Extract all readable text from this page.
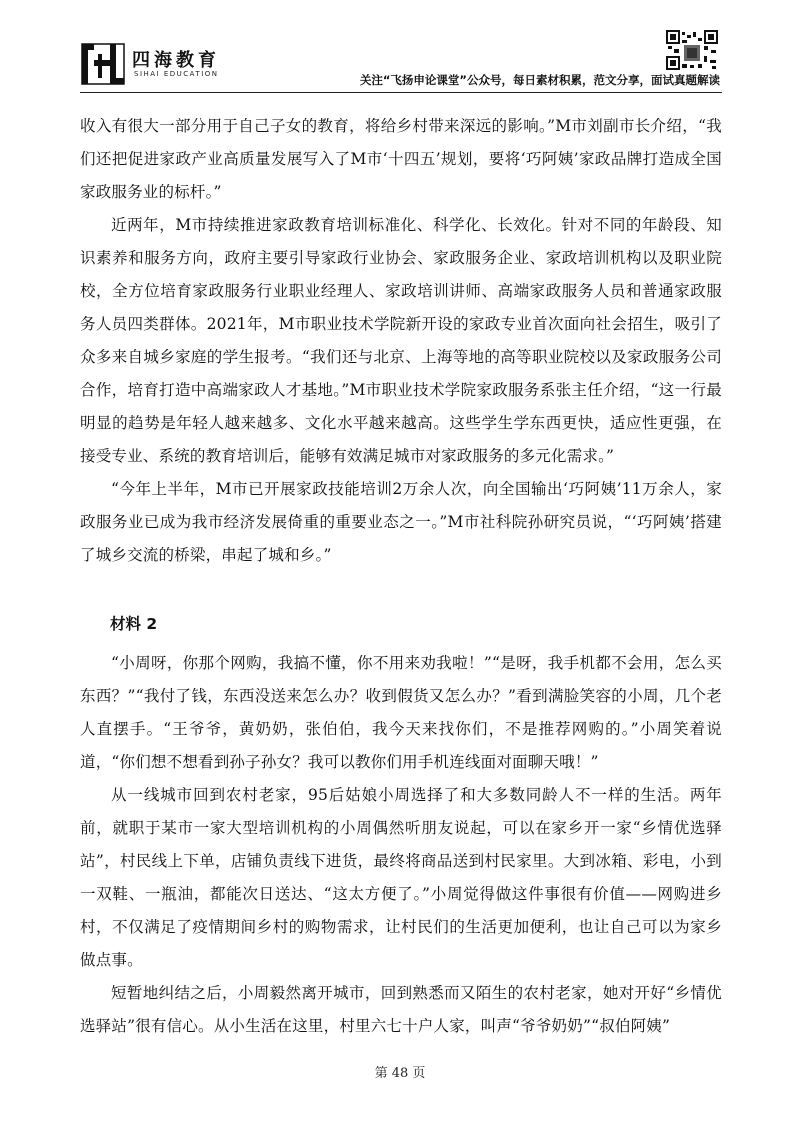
四海教育
SIHAI EDUCATION	关注“飞扬申论课堂”公众号，每日素材积累，范文分享，面试真题解读

收入有很大一部分用于自己子女的教育，将给乡村带来深远的影响。”M市刘副市长介绍，“我们还把促进家政产业高质量发展写入了M市‘十四五’规划，要将‘巧阿姨’家政品牌打造成全国家政服务业的标杆。”

近两年，M市持续推进家政教育培训标准化、科学化、长效化。针对不同的年龄段、知识素养和服务方向，政府主要引导家政行业协会、家政服务企业、家政培训机构以及职业院校，全方位培育家政服务行业职业经理人、家政培训讲师、高端家政服务人员和普通家政服务人员四类群体。2021年，M市职业技术学院新开设的家政专业首次面向社会招生，吸引了众多来自城乡家庭的学生报考。“我们还与北京、上海等地的高等职业院校以及家政服务公司合作，培育打造中高端家政人才基地。”M市职业技术学院家政服务系张主任介绍，“这一行最明显的趋势是年轻人越来越多、文化水平越来越高。这些学生学东西更快，适应性更强，在接受专业、系统的教育培训后，能够有效满足城市对家政服务的多元化需求。”

“今年上半年，M市已开展家政技能培训2万余人次，向全国输出‘巧阿姨’11万余人，家政服务业已成为我市经济发展倚重的重要业态之一。”M市社科院孙研究员说，“‘巧阿姨’搭建了城乡交流的桥梁，串起了城和乡。”

材料 2

“小周呀，你那个网购，我搞不懂，你不用来劝我啦！”“是呀，我手机都不会用，怎么买东西？”“我付了钱，东西没送来怎么办？收到假货又怎么办？”看到满脸笑容的小周，几个老人直摆手。“王爷爷，黄奶奶，张伯伯，我今天来找你们，不是推荐网购的。”小周笑着说道，“你们想不想看到孙子孙女？我可以教你们用手机连线面对面聊天哦！”

从一线城市回到农村老家，95后姑娘小周选择了和大多数同龄人不一样的生活。两年前，就职于某市一家大型培训机构的小周偶然听朋友说起，可以在家乡开一家“乡情优选驿站”，村民线上下单，店铺负责线下进货，最终将商品送到村民家里。大到冰箱、彩电，小到一双鞋、一瓶油，都能次日送达、“这太方便了。”小周觉得做这件事很有价值——网购进乡村，不仅满足了疫情期间乡村的购物需求，让村民们的生活更加便利，也让自己可以为家乡做点事。

短暂地纠结之后，小周毅然离开城市，回到熟悉而又陌生的农村老家，她对开好“乡情优选驿站”很有信心。从小生活在这里，村里六七十户人家，叫声“爷爷奶奶”“叔伯阿姨”

第 48 页
